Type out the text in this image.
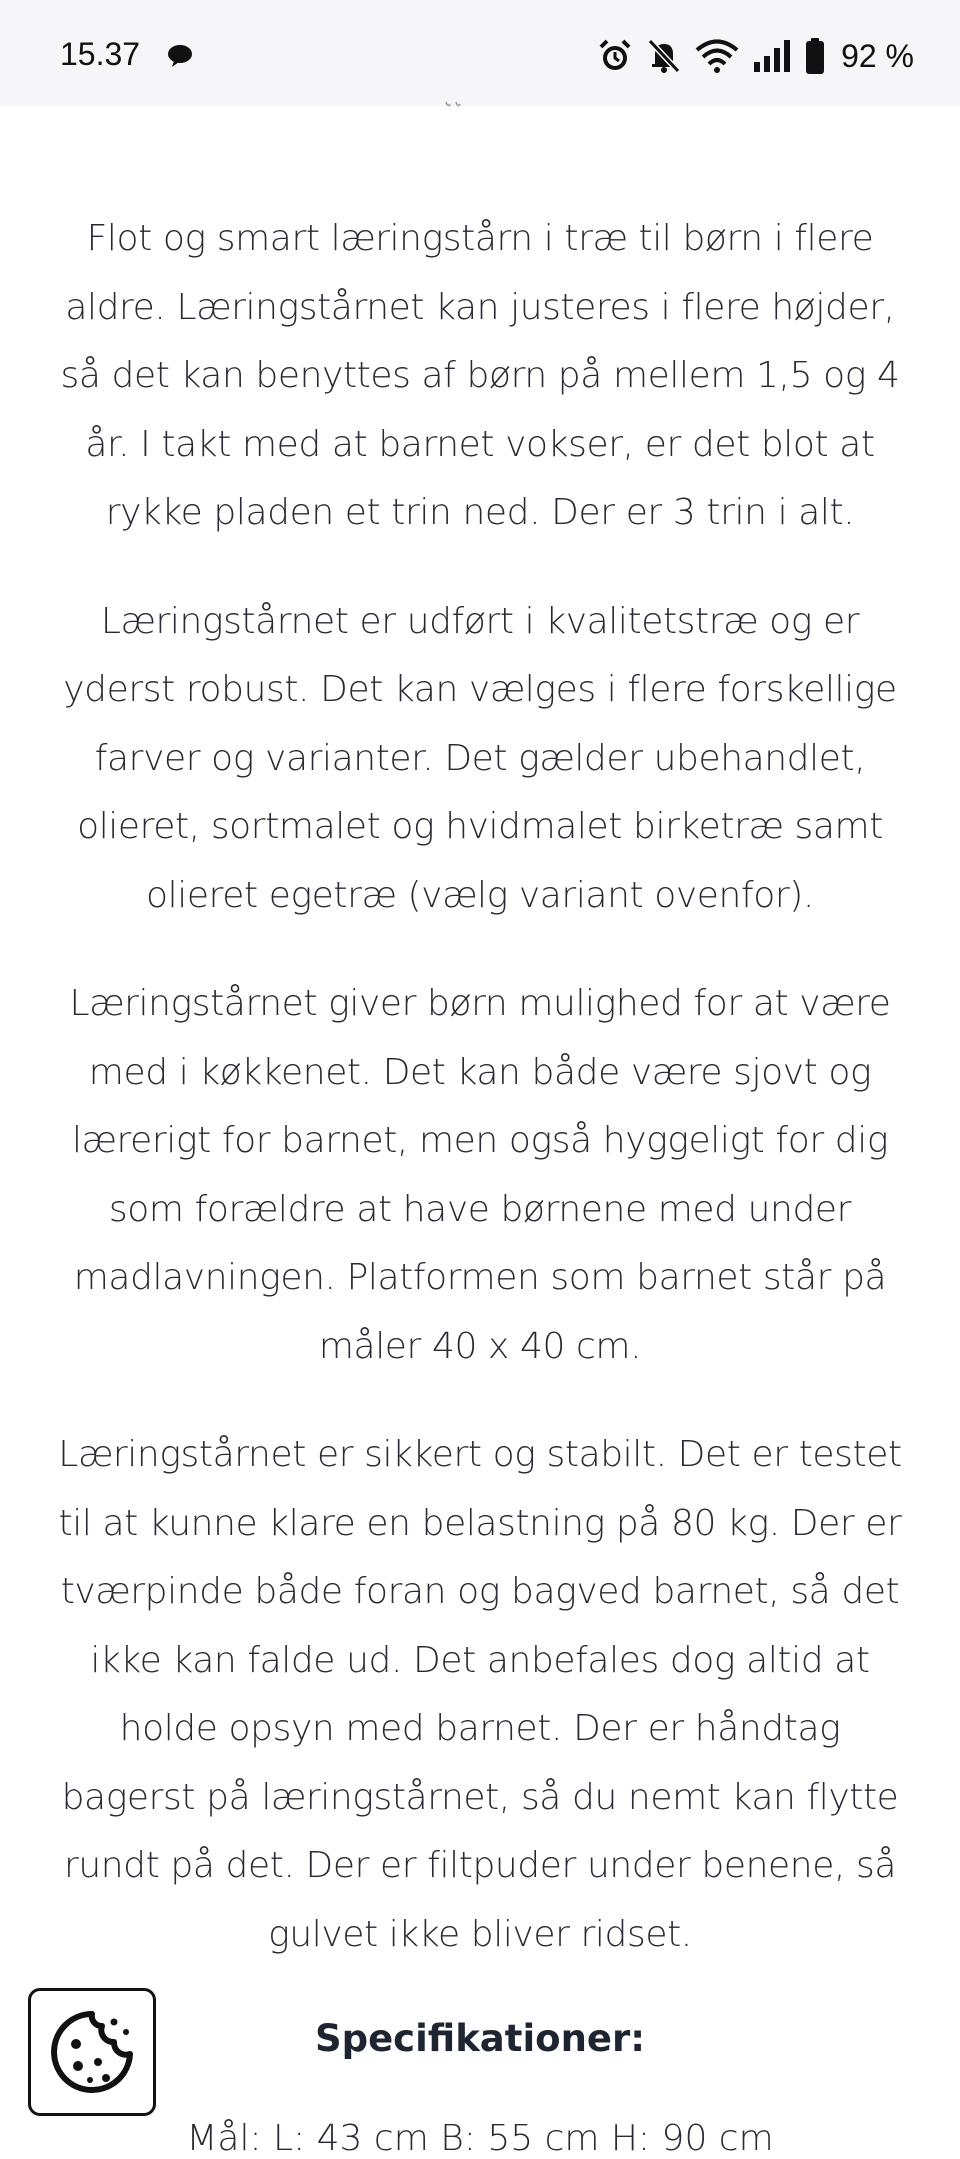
15.37	92 %

Flot og smart læringstårn i træ til børn i flere aldre. Læringstårnet kan justeres i flere højder, så det kan benyttes af børn på mellem 1,5 og 4 år. I takt med at barnet vokser, er det blot at rykke pladen et trin ned. Der er 3 trin i alt.

Læringstårnet er udført i kvalitetstræ og er yderst robust. Det kan vælges i flere forskellige farver og varianter. Det gælder ubehandlet, olieret, sortmalet og hvidmalet birketræ samt olieret egetræ (vælg variant ovenfor).

Læringstårnet giver børn mulighed for at være med i køkkenet. Det kan både være sjovt og lærerigt for barnet, men også hyggeligt for dig som forældre at have børnene med under madlavningen. Platformen som barnet står på måler 40 x 40 cm.

Læringstårnet er sikkert og stabilt. Det er testet til at kunne klare en belastning på 80 kg. Der er tværpinde både foran og bagved barnet, så det ikke kan falde ud. Det anbefales dog altid at holde opsyn med barnet. Der er håndtag bagerst på læringstårnet, så du nemt kan flytte rundt på det. Der er filtpuder under benene, så gulvet ikke bliver ridset.

Specifikationer:
Mål: L: 43 cm B: 55 cm H: 90 cm
